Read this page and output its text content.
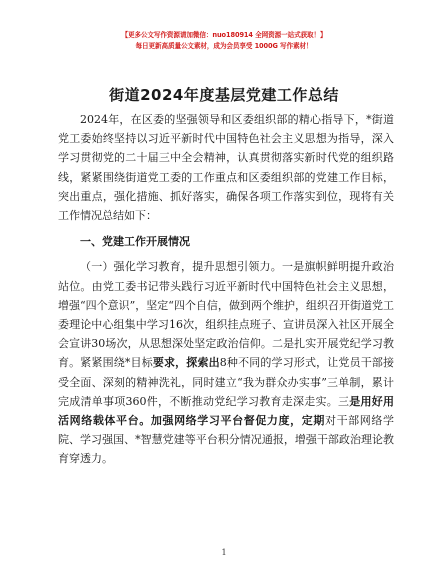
【更多公文写作资源请加微信：nuo180914 全网资源一站式获取！】
每日更新高质量公文素材，成为会员享受 1000G 写作素材！
街道2024年度基层党建工作总结

2024年，在区委的坚强领导和区委组织部的精心指导下，*街道党工委始终坚持以习近平新时代中国特色社会主义思想为指导，深入学习贯彻党的二十届三中全会精神，认真贯彻落实新时代党的组织路线，紧紧围绕街道党工委的工作重点和区委组织部的党建工作目标，突出重点，强化措施、抓好落实，确保各项工作落实到位，现将有关工作情况总结如下：

一、党建工作开展情况

（一）强化学习教育，提升思想引领力。一是旗帜鲜明提升政治站位。由党工委书记带头践行习近平新时代中国特色社会主义思想，增强“四个意识”，坚定“四个自信，做到两个维护，组织召开街道党工委理论中心组集中学习16次，组织挂点班子、宣讲员深入社区开展全会宣讲30场次，从思想深处坚定政治信仰。二是扎实开展党纪学习教育。紧紧围绕*目标要求，探索出8种不同的学习形式，让党员干部接受全面、深刻的精神洗礼，同时建立“我为群众办实事”三单制，累计完成清单事项360件，不断推动党纪学习教育走深走实。三是用好用活网络载体平台。加强网络学习平台督促力度，定期对干部网络学院、学习强国、*智慧党建等平台积分情况通报，增强干部政治理论教育穿透力。

1
